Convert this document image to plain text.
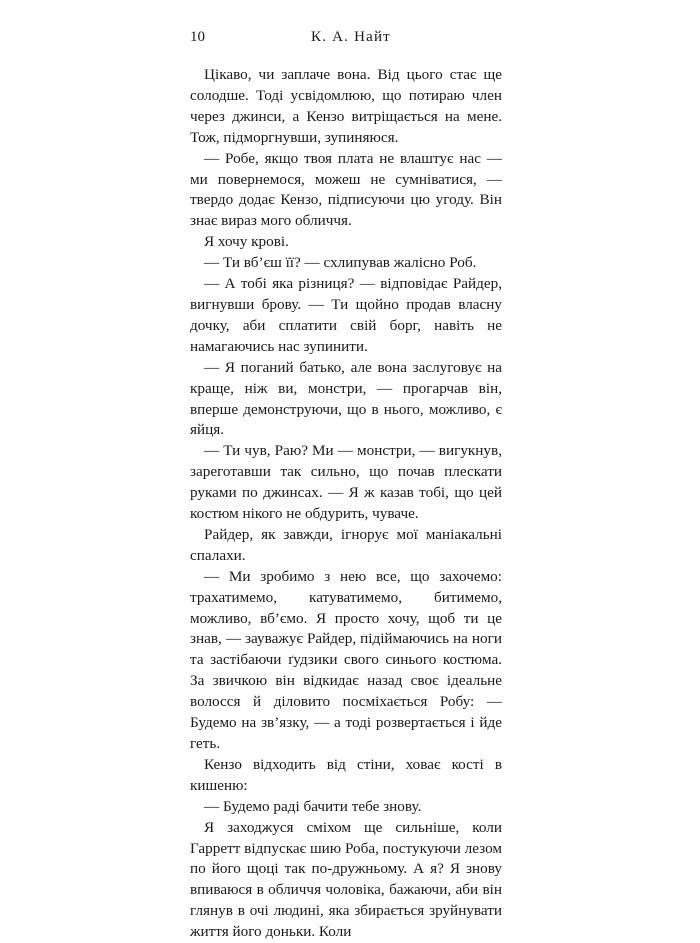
10	К. А. Найт

Цікаво, чи заплаче вона. Від цього стає ще солодше. Тоді усвідомлюю, що потираю член через джинси, а Кензо витріщається на мене. Тож, підморгнувши, зупиняюся.

— Робе, якщо твоя плата не влаштує нас — ми повернемося, можеш не сумніватися, — твердо додає Кензо, підписуючи цю угоду. Він знає вираз мого обличчя.

Я хочу крові.

— Ти вб’єш її? — схлипував жалісно Роб.

— А тобі яка різниця? — відповідає Райдер, вигнувши брову. — Ти щойно продав власну дочку, аби сплатити свій борг, навіть не намагаючись нас зупинити.

— Я поганий батько, але вона заслуговує на краще, ніж ви, монстри, — прогарчав він, вперше демонструючи, що в нього, можливо, є яйця.

— Ти чув, Раю? Ми — монстри, — вигукнув, зареготавши так сильно, що почав плескати руками по джинсах. — Я ж казав тобі, що цей костюм нікого не обдурить, чуваче.

Райдер, як завжди, ігнорує мої маніакальні спалахи.

— Ми зробимо з нею все, що захочемо: трахатимемо, катуватимемо, битимемо, можливо, вб’ємо. Я просто хочу, щоб ти це знав, — зауважує Райдер, підіймаючись на ноги та застібаючи ґудзики свого синього костюма. За звичкою він відкидає назад своє ідеальне волосся й діловито посміхається Робу: — Будемо на зв’язку, — а тоді розвертається і йде геть.

Кензо відходить від стіни, ховає кості в кишеню:

— Будемо раді бачити тебе знову.

Я заходжуся сміхом ще сильніше, коли Гарретт відпускає шию Роба, постукуючи лезом по його щоці так по-дружньому. А я? Я знову впиваюся в обличчя чоловіка, бажаючи, аби він глянув в очі людині, яка збирається зруйнувати життя його доньки. Коли
